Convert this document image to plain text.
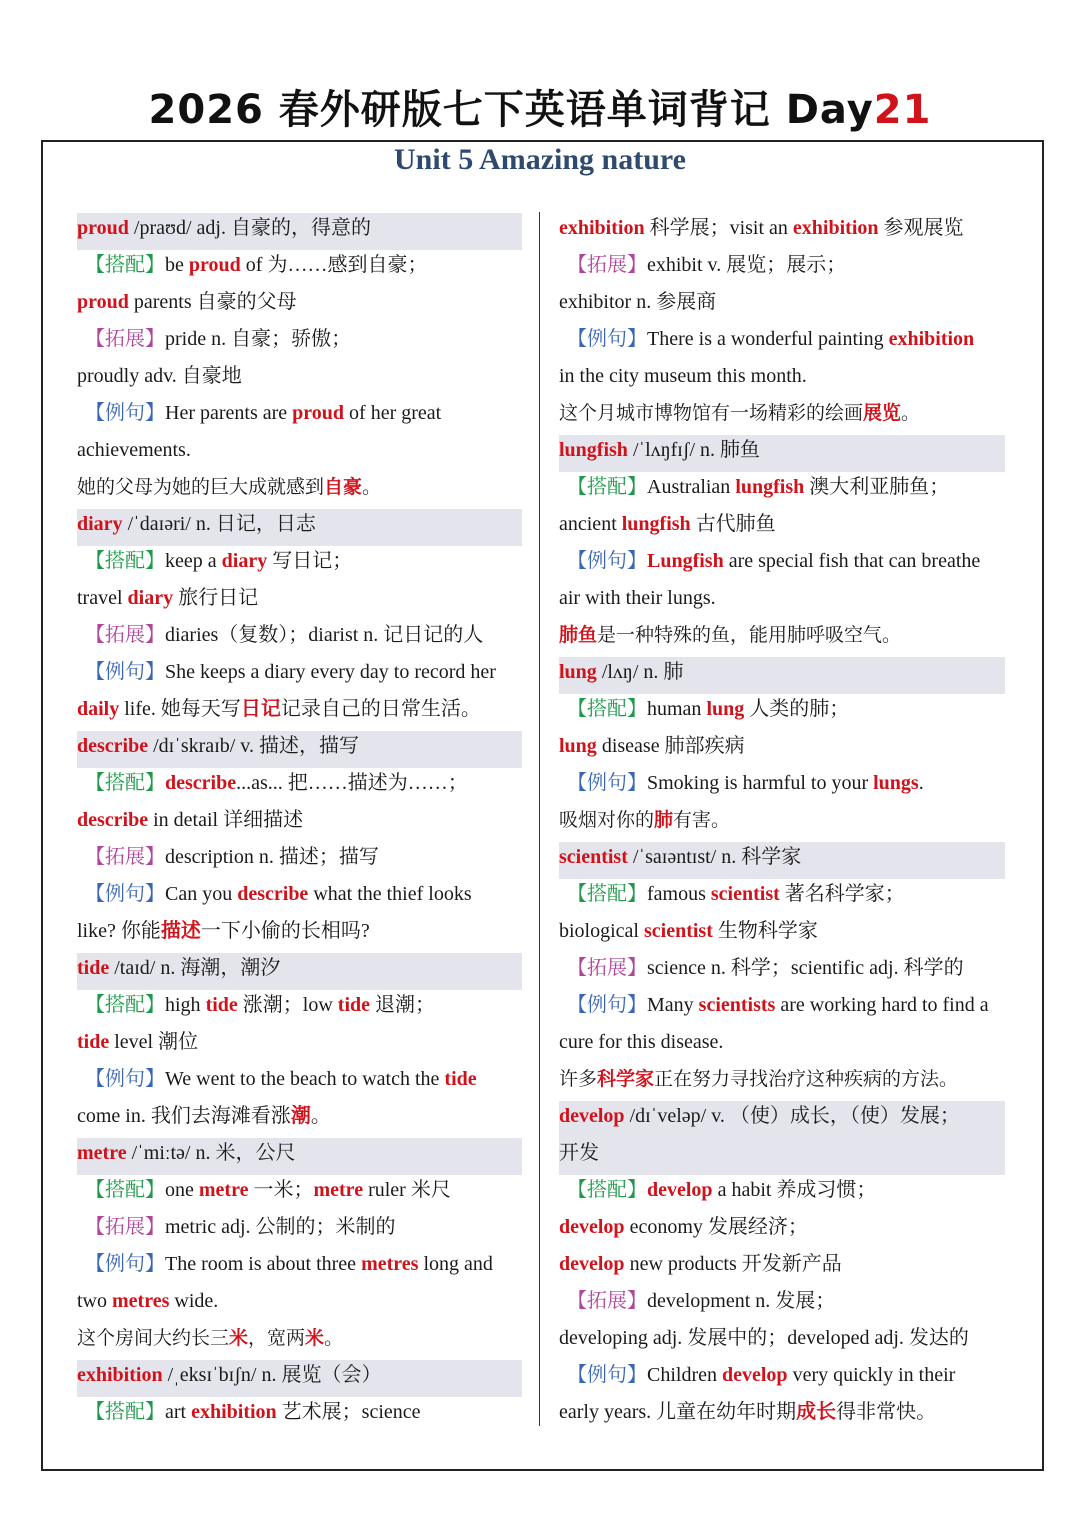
2026 春外研版七下英语单词背记 Day21
Unit 5 Amazing nature
proud /praʊd/ adj. 自豪的，得意的
【搭配】be proud of 为……感到自豪；
proud parents 自豪的父母
【拓展】pride n. 自豪；骄傲；
proudly adv. 自豪地
【例句】Her parents are proud of her great
achievements.
她的父母为她的巨大成就感到自豪。
diary /ˈdaɪəri/ n. 日记，日志
【搭配】keep a diary 写日记；
travel diary 旅行日记
【拓展】diaries（复数）；diarist n. 记日记的人
【例句】She keeps a diary every day to record her
daily life. 她每天写日记记录自己的日常生活。
describe /dɪˈskraɪb/ v. 描述，描写
【搭配】describe...as... 把……描述为……；
describe in detail 详细描述
【拓展】description n. 描述；描写
【例句】Can you describe what the thief looks
like? 你能描述一下小偷的长相吗?
tide /taɪd/ n. 海潮，潮汐
【搭配】high tide 涨潮；low tide 退潮；
tide level 潮位
【例句】We went to the beach to watch the tide
come in. 我们去海滩看涨潮。
metre /ˈmiːtə/ n. 米，公尺
【搭配】one metre 一米；metre ruler 米尺
【拓展】metric adj. 公制的；米制的
【例句】The room is about three metres long and
two metres wide.
这个房间大约长三米，宽两米。
exhibition /ˌeksɪˈbɪʃn/ n. 展览（会）
【搭配】art exhibition 艺术展；science
exhibition 科学展；visit an exhibition 参观展览
【拓展】exhibit v. 展览；展示；
exhibitor n. 参展商
【例句】There is a wonderful painting exhibition
in the city museum this month.
这个月城市博物馆有一场精彩的绘画展览。
lungfish /ˈlʌŋfɪʃ/ n. 肺鱼
【搭配】Australian lungfish 澳大利亚肺鱼；
ancient lungfish 古代肺鱼
【例句】Lungfish are special fish that can breathe
air with their lungs.
肺鱼是一种特殊的鱼，能用肺呼吸空气。
lung /lʌŋ/ n. 肺
【搭配】human lung 人类的肺；
lung disease 肺部疾病
【例句】Smoking is harmful to your lungs.
吸烟对你的肺有害。
scientist /ˈsaɪəntɪst/ n. 科学家
【搭配】famous scientist 著名科学家；
biological scientist 生物科学家
【拓展】science n. 科学；scientific adj. 科学的
【例句】Many scientists are working hard to find a
cure for this disease.
许多科学家正在努力寻找治疗这种疾病的方法。
develop /dɪˈveləp/ v. （使）成长，（使）发展；
开发
【搭配】develop a habit 养成习惯；
develop economy 发展经济；
develop new products 开发新产品
【拓展】development n. 发展；
developing adj. 发展中的；developed adj. 发达的
【例句】Children develop very quickly in their
early years. 儿童在幼年时期成长得非常快。
